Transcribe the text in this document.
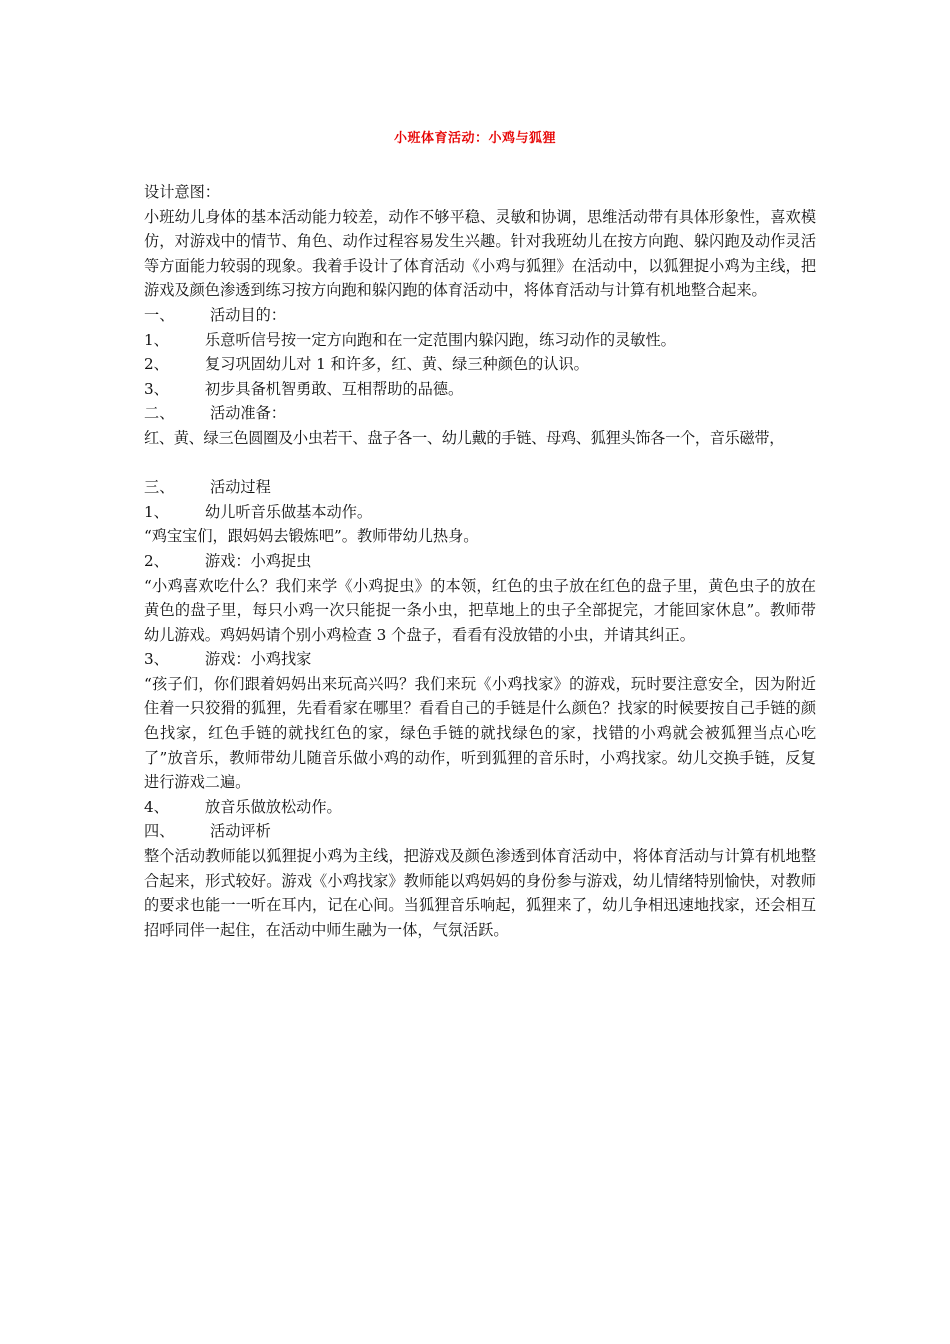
小班体育活动：小鸡与狐狸

设计意图：

小班幼儿身体的基本活动能力较差，动作不够平稳、灵敏和协调，思维活动带有具体形象性，喜欢模仿，对游戏中的情节、角色、动作过程容易发生兴趣。针对我班幼儿在按方向跑、躲闪跑及动作灵活等方面能力较弱的现象。我着手设计了体育活动《小鸡与狐狸》在活动中，以狐狸捉小鸡为主线，把游戏及颜色渗透到练习按方向跑和躲闪跑的体育活动中，将体育活动与计算有机地整合起来。

一、	活动目的：
1、	乐意听信号按一定方向跑和在一定范围内躲闪跑，练习动作的灵敏性。
2、	复习巩固幼儿对 1 和许多，红、黄、绿三种颜色的认识。
3、	初步具备机智勇敢、互相帮助的品德。
二、	活动准备：

红、黄、绿三色圆圈及小虫若干、盘子各一、幼儿戴的手链、母鸡、狐狸头饰各一个，音乐磁带，

三、	活动过程
1、	幼儿听音乐做基本动作。

“鸡宝宝们，跟妈妈去锻炼吧”。教师带幼儿热身。

2、	游戏：小鸡捉虫

“小鸡喜欢吃什么？我们来学《小鸡捉虫》的本领，红色的虫子放在红色的盘子里，黄色虫子的放在黄色的盘子里，每只小鸡一次只能捉一条小虫，把草地上的虫子全部捉完，才能回家休息”。教师带幼儿游戏。鸡妈妈请个别小鸡检查 3 个盘子，看看有没放错的小虫，并请其纠正。

3、	游戏：小鸡找家

“孩子们，你们跟着妈妈出来玩高兴吗？我们来玩《小鸡找家》的游戏，玩时要注意安全，因为附近住着一只狡猾的狐狸，先看看家在哪里？看看自己的手链是什么颜色？找家的时候要按自己手链的颜色找家，红色手链的就找红色的家，绿色手链的就找绿色的家，找错的小鸡就会被狐狸当点心吃了”放音乐，教师带幼儿随音乐做小鸡的动作，听到狐狸的音乐时，小鸡找家。幼儿交换手链，反复进行游戏二遍。

4、	放音乐做放松动作。
四、	活动评析

整个活动教师能以狐狸捉小鸡为主线，把游戏及颜色渗透到体育活动中，将体育活动与计算有机地整合起来，形式较好。游戏《小鸡找家》教师能以鸡妈妈的身份参与游戏，幼儿情绪特别愉快，对教师的要求也能一一听在耳内，记在心间。当狐狸音乐响起，狐狸来了，幼儿争相迅速地找家，还会相互招呼同伴一起住，在活动中师生融为一体，气氛活跃。
